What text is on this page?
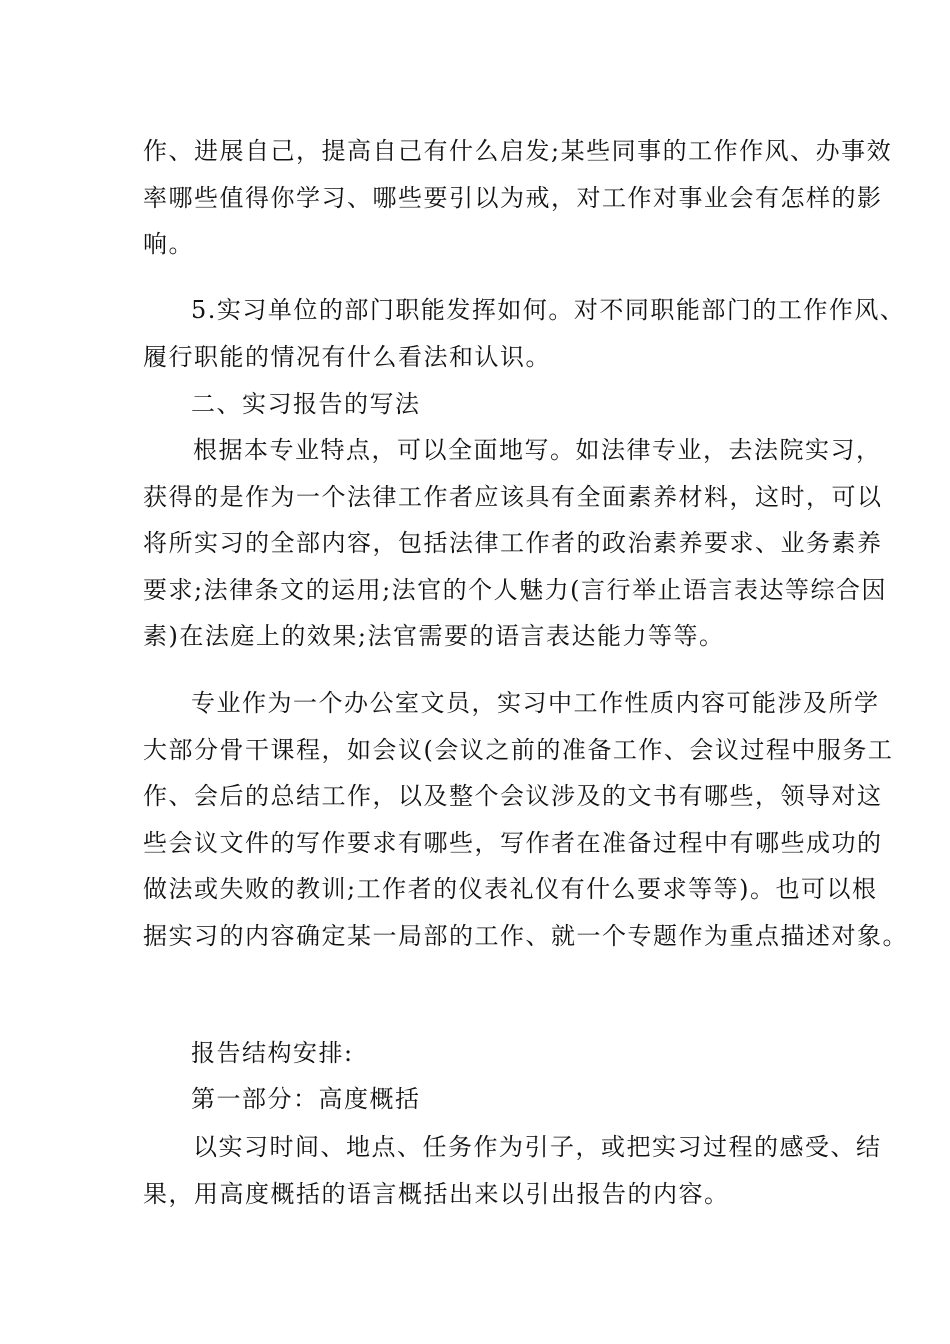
作、进展自己，提高自己有什么启发;某些同事的工作作风、办事效
率哪些值得你学习、哪些要引以为戒，对工作对事业会有怎样的影
响。
5.实习单位的部门职能发挥如何。对不同职能部门的工作作风、
履行职能的情况有什么看法和认识。
二、实习报告的写法
根据本专业特点，可以全面地写。如法律专业，去法院实习，
获得的是作为一个法律工作者应该具有全面素养材料，这时，可以
将所实习的全部内容，包括法律工作者的政治素养要求、业务素养
要求;法律条文的运用;法官的个人魅力(言行举止语言表达等综合因
素)在法庭上的效果;法官需要的语言表达能力等等。
专业作为一个办公室文员，实习中工作性质内容可能涉及所学
大部分骨干课程，如会议(会议之前的准备工作、会议过程中服务工
作、会后的总结工作，以及整个会议涉及的文书有哪些，领导对这
些会议文件的写作要求有哪些，写作者在准备过程中有哪些成功的
做法或失败的教训;工作者的仪表礼仪有什么要求等等)。也可以根
据实习的内容确定某一局部的工作、就一个专题作为重点描述对象。
报告结构安排:
第一部分：高度概括
以实习时间、地点、任务作为引子，或把实习过程的感受、结
果，用高度概括的语言概括出来以引出报告的内容。
